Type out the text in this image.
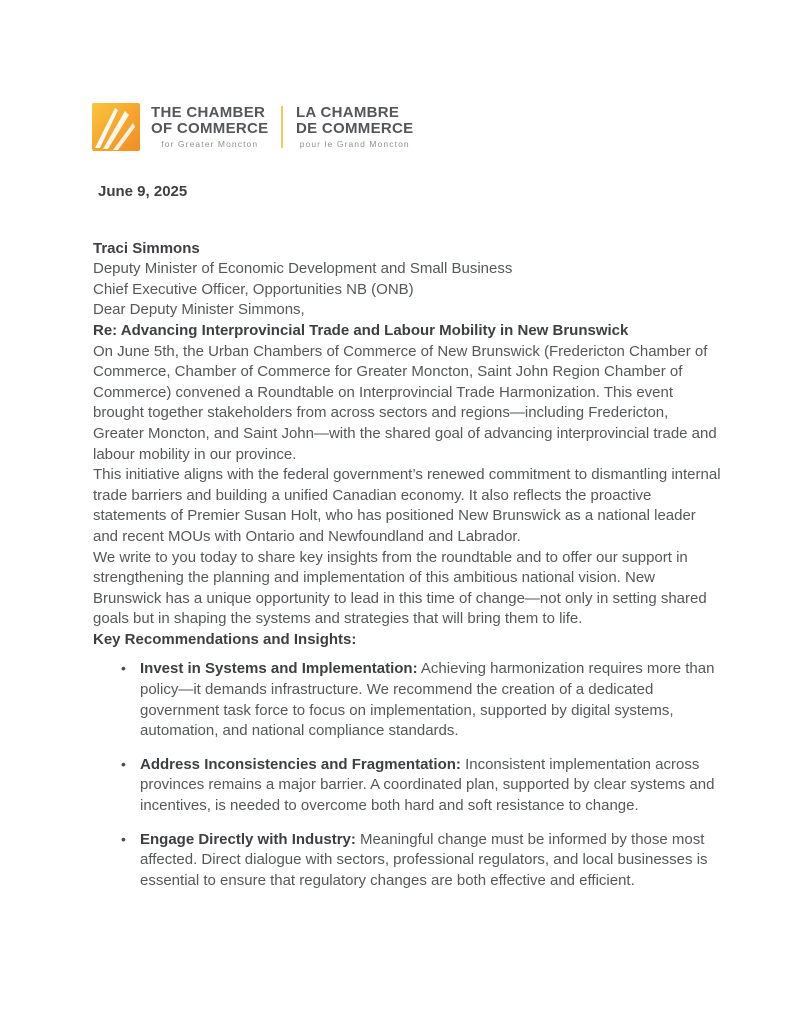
THE CHAMBER
OF COMMERCE
for Greater Moncton
LA CHAMBRE
DE COMMERCE
pour le Grand Moncton

June 9, 2025

Traci Simmons

Deputy Minister of Economic Development and Small Business

Chief Executive Officer, Opportunities NB (ONB)

Dear Deputy Minister Simmons,

Re: Advancing Interprovincial Trade and Labour Mobility in New Brunswick

On June 5th, the Urban Chambers of Commerce of New Brunswick (Fredericton Chamber of Commerce, Chamber of Commerce for Greater Moncton, Saint John Region Chamber of Commerce) convened a Roundtable on Interprovincial Trade Harmonization. This event brought together stakeholders from across sectors and regions—including Fredericton, Greater Moncton, and Saint John—with the shared goal of advancing interprovincial trade and labour mobility in our province.

This initiative aligns with the federal government’s renewed commitment to dismantling internal trade barriers and building a unified Canadian economy. It also reflects the proactive statements of Premier Susan Holt, who has positioned New Brunswick as a national leader and recent MOUs with Ontario and Newfoundland and Labrador.

We write to you today to share key insights from the roundtable and to offer our support in strengthening the planning and implementation of this ambitious national vision. New Brunswick has a unique opportunity to lead in this time of change—not only in setting shared goals but in shaping the systems and strategies that will bring them to life.

Key Recommendations and Insights:

• Invest in Systems and Implementation: Achieving harmonization requires more than policy—it demands infrastructure. We recommend the creation of a dedicated government task force to focus on implementation, supported by digital systems, automation, and national compliance standards.
• Address Inconsistencies and Fragmentation: Inconsistent implementation across provinces remains a major barrier. A coordinated plan, supported by clear systems and incentives, is needed to overcome both hard and soft resistance to change.
• Engage Directly with Industry: Meaningful change must be informed by those most affected. Direct dialogue with sectors, professional regulators, and local businesses is essential to ensure that regulatory changes are both effective and efficient.
